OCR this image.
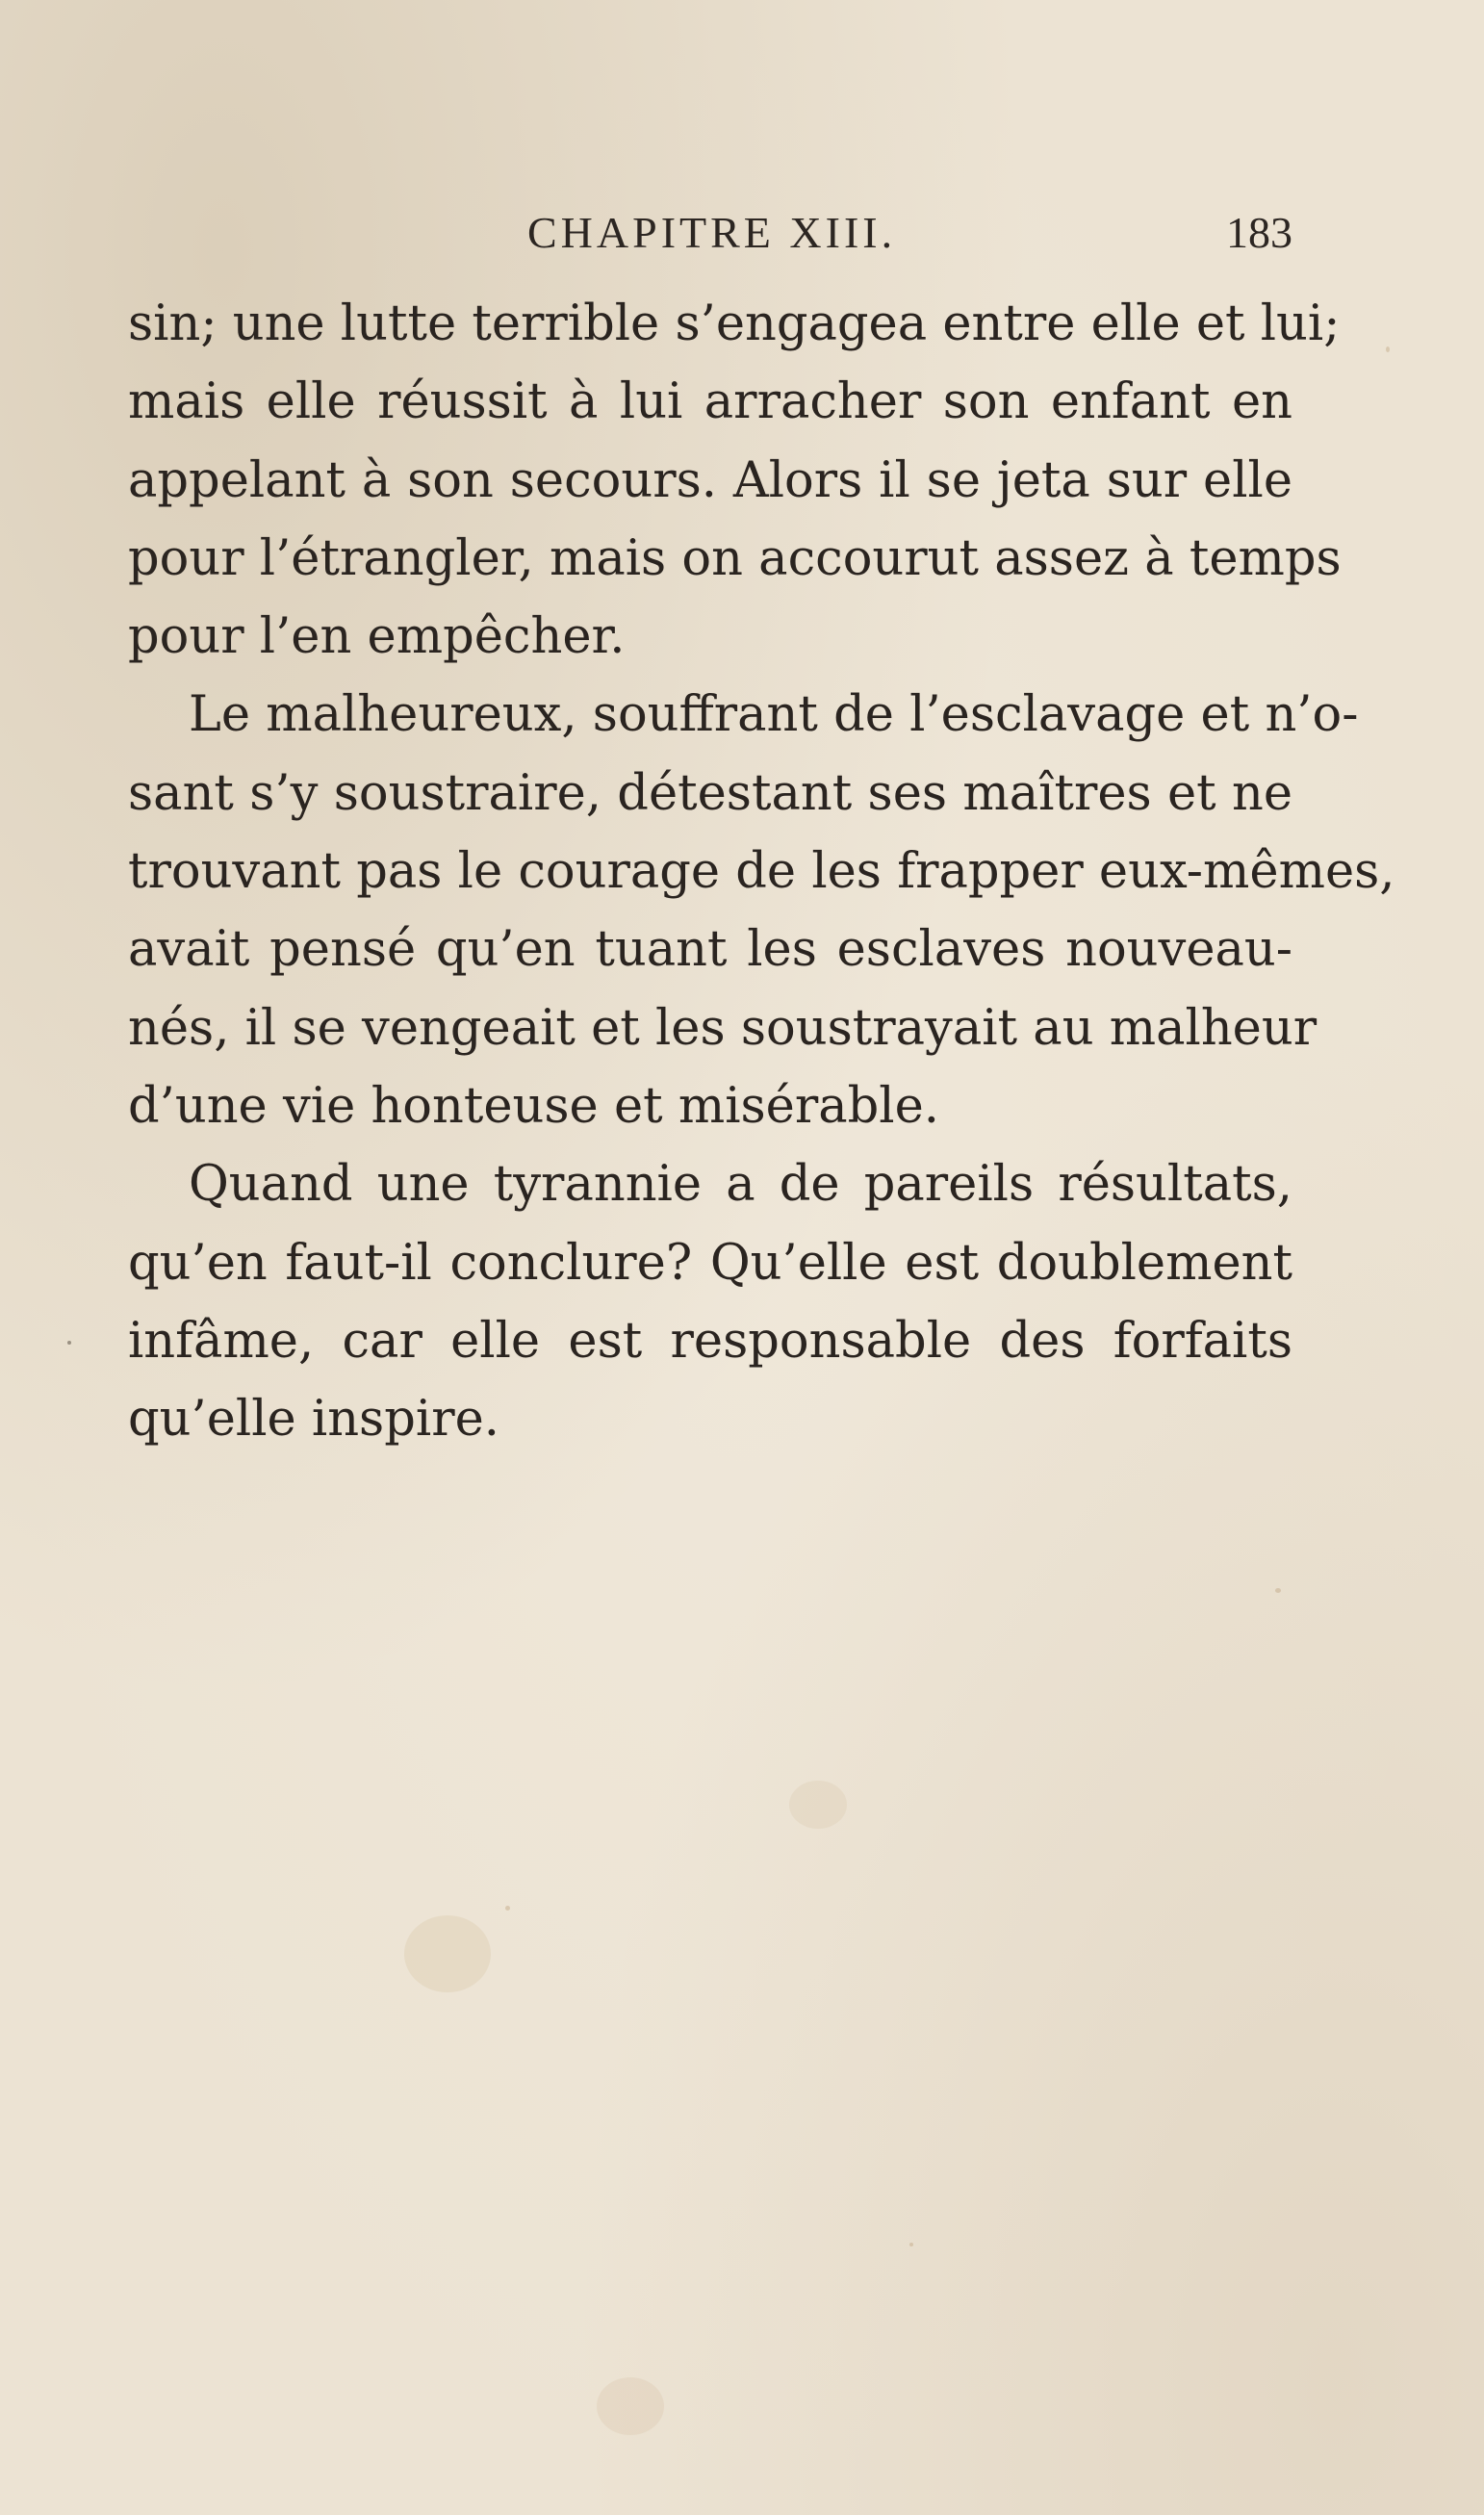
CHAPITRE XIII.	183
sin; une lutte terrible s’engagea entre elle et lui;
mais elle réussit à lui arracher son enfant en
appelant à son secours. Alors il se jeta sur elle
pour l’étrangler, mais on accourut assez à temps
pour l’en empêcher.
Le malheureux, souffrant de l’esclavage et n’o-
sant s’y soustraire, détestant ses maîtres et ne
trouvant pas le courage de les frapper eux-mêmes,
avait pensé qu’en tuant les esclaves nouveau-
nés, il se vengeait et les soustrayait au malheur
d’une vie honteuse et misérable.
Quand une tyrannie a de pareils résultats,
qu’en faut-il conclure? Qu’elle est doublement
infâme, car elle est responsable des forfaits
qu’elle inspire.
